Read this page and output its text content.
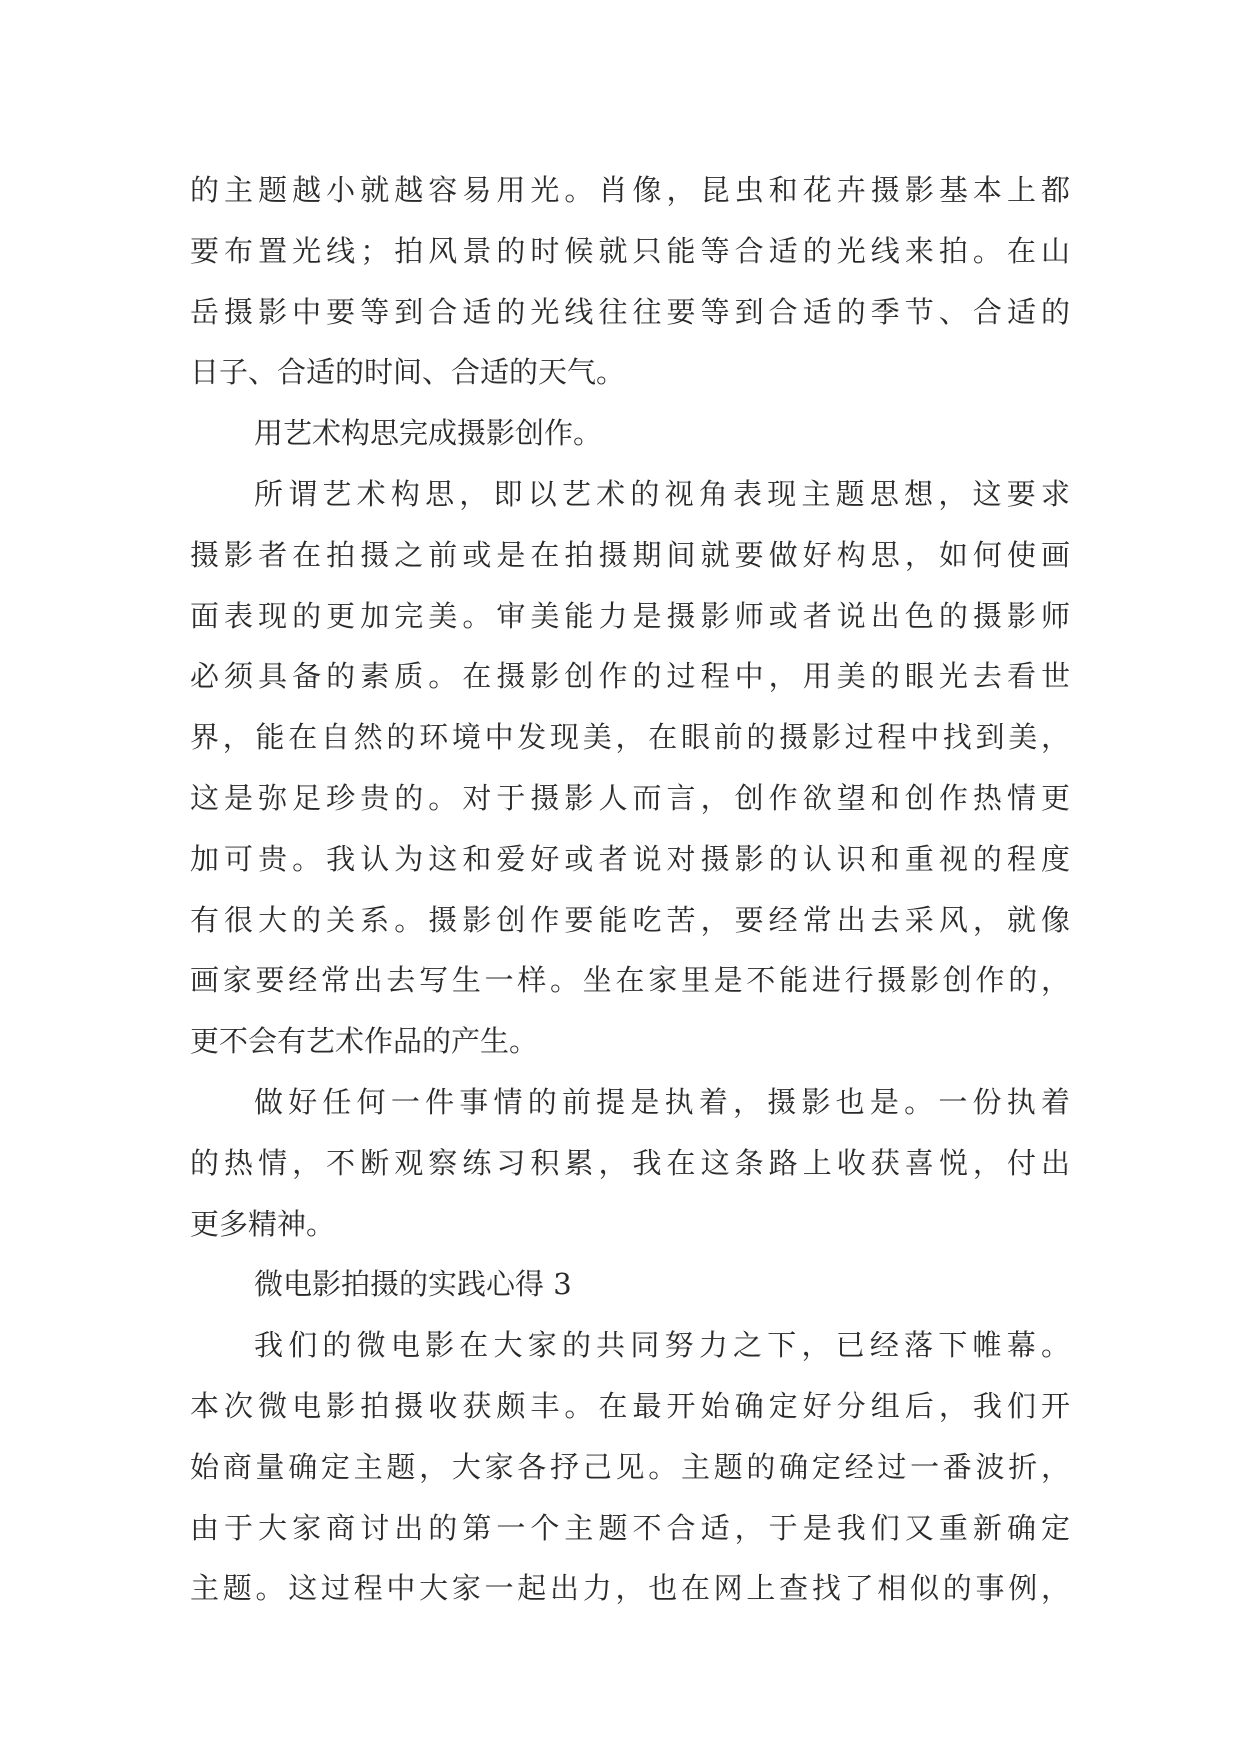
的主题越小就越容易用光。肖像，昆虫和花卉摄影基本上都
要布置光线；拍风景的时候就只能等合适的光线来拍。在山
岳摄影中要等到合适的光线往往要等到合适的季节、合适的
日子、合适的时间、合适的天气。
用艺术构思完成摄影创作。
所谓艺术构思，即以艺术的视角表现主题思想，这要求
摄影者在拍摄之前或是在拍摄期间就要做好构思，如何使画
面表现的更加完美。审美能力是摄影师或者说出色的摄影师
必须具备的素质。在摄影创作的过程中，用美的眼光去看世
界，能在自然的环境中发现美，在眼前的摄影过程中找到美，
这是弥足珍贵的。对于摄影人而言，创作欲望和创作热情更
加可贵。我认为这和爱好或者说对摄影的认识和重视的程度
有很大的关系。摄影创作要能吃苦，要经常出去采风，就像
画家要经常出去写生一样。坐在家里是不能进行摄影创作的，
更不会有艺术作品的产生。
做好任何一件事情的前提是执着，摄影也是。一份执着
的热情，不断观察练习积累，我在这条路上收获喜悦，付出
更多精神。
微电影拍摄的实践心得 3
我们的微电影在大家的共同努力之下，已经落下帷幕。
本次微电影拍摄收获颇丰。在最开始确定好分组后，我们开
始商量确定主题，大家各抒己见。主题的确定经过一番波折，
由于大家商讨出的第一个主题不合适，于是我们又重新确定
主题。这过程中大家一起出力，也在网上查找了相似的事例，
